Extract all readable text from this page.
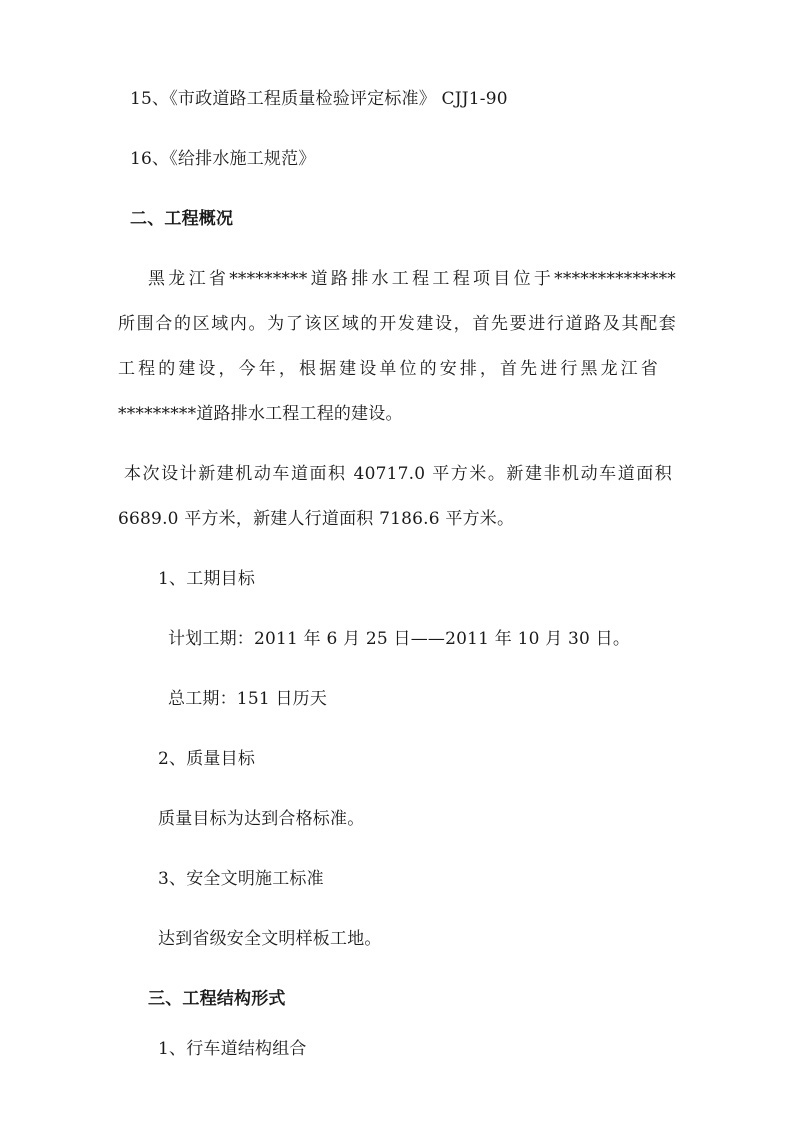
15、《市政道路工程质量检验评定标准》 CJJ1-90
16、《给排水施工规范》
二、工程概况
黑龙江省*********道路排水工程工程项目位于**************
所围合的区域内。为了该区域的开发建设，首先要进行道路及其配套
工程的建设，今年，根据建设单位的安排，首先进行黑龙江省
*********道路排水工程工程的建设。
本次设计新建机动车道面积 40717.0 平方米。新建非机动车道面积
6689.0 平方米，新建人行道面积 7186.6 平方米。
1、工期目标
计划工期：2011 年 6 月 25 日——2011 年 10 月 30 日。
总工期：151 日历天
2、质量目标
质量目标为达到合格标准。
3、安全文明施工标准
达到省级安全文明样板工地。
三、工程结构形式
1、行车道结构组合
